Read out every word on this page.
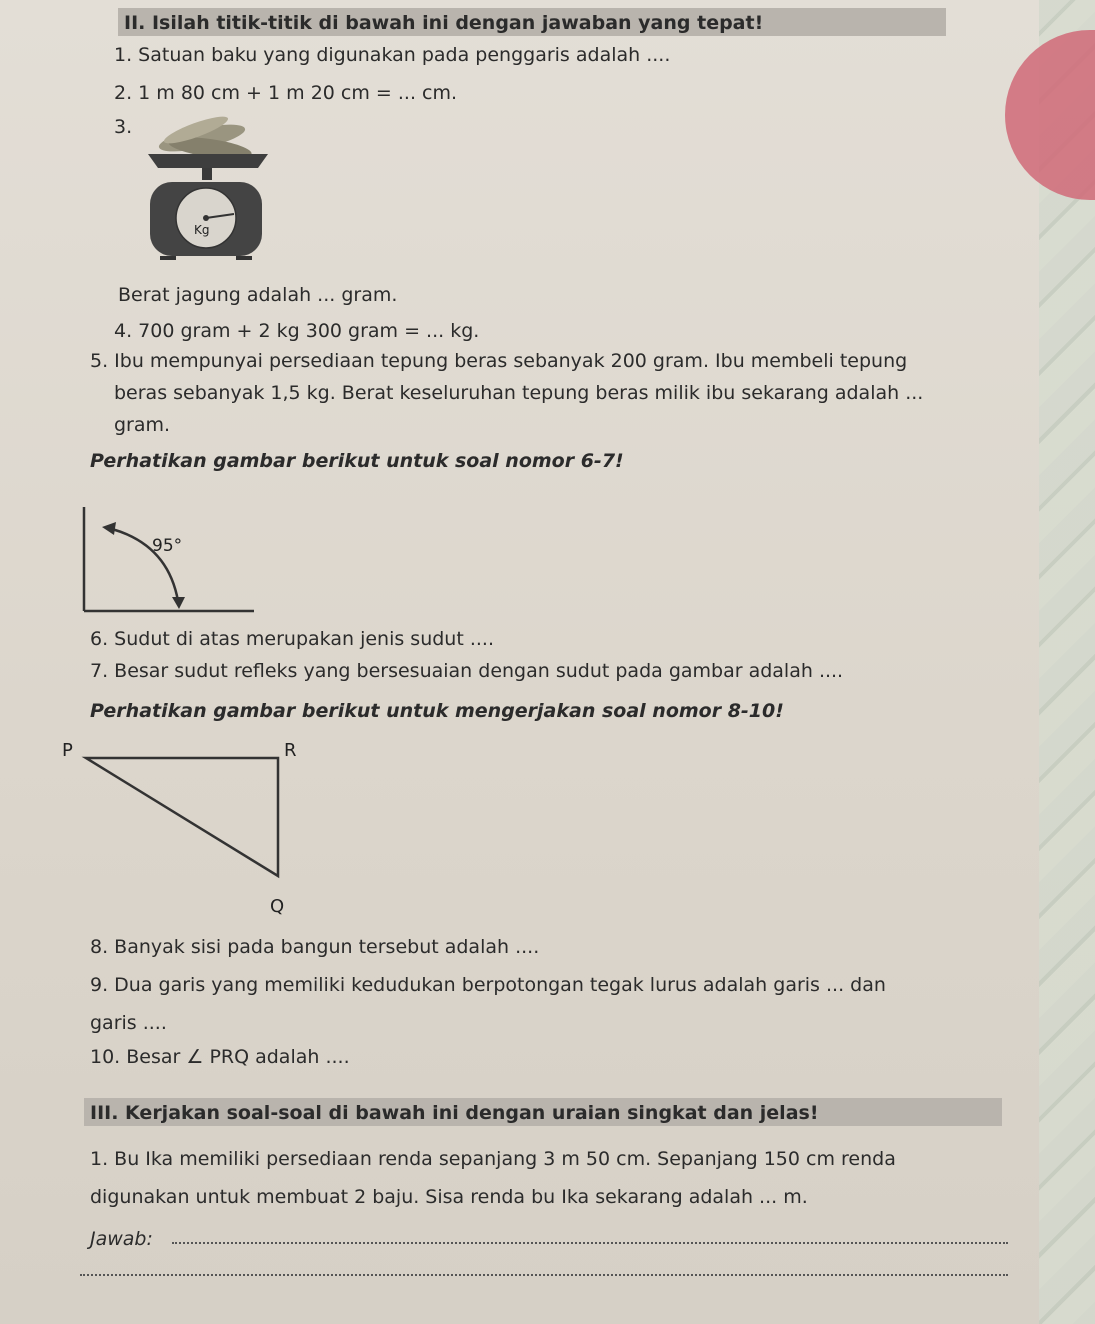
II. Isilah titik-titik di bawah ini dengan jawaban yang tepat!
1. Satuan baku yang digunakan pada penggaris adalah ....
2. 1 m 80 cm + 1 m 20 cm = ... cm.
3.
Kg
Berat jagung adalah ... gram.
4. 700 gram + 2 kg 300 gram = ... kg.
5. Ibu mempunyai persediaan tepung beras sebanyak 200 gram. Ibu membeli tepung
beras sebanyak 1,5 kg. Berat keseluruhan tepung beras milik ibu sekarang adalah ...
gram.
Perhatikan gambar berikut untuk soal nomor 6-7!
95°
6. Sudut di atas merupakan jenis sudut ....
7. Besar sudut refleks yang bersesuaian dengan sudut pada gambar adalah ....
Perhatikan gambar berikut untuk mengerjakan soal nomor 8-10!
P	R
Q
8. Banyak sisi pada bangun tersebut adalah ....
9. Dua garis yang memiliki kedudukan berpotongan tegak lurus adalah garis ... dan
garis ....
10. Besar ∠ PRQ adalah ....
III. Kerjakan soal-soal di bawah ini dengan uraian singkat dan jelas!
1. Bu Ika memiliki persediaan renda sepanjang 3 m 50 cm. Sepanjang 150 cm renda
digunakan untuk membuat 2 baju. Sisa renda bu Ika sekarang adalah ... m.
Jawab:
